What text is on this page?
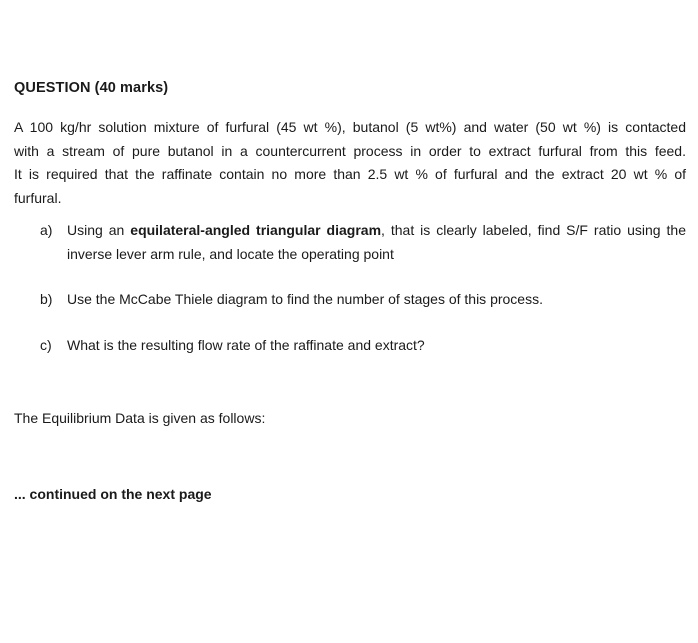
QUESTION (40 marks)
A 100 kg/hr solution mixture of furfural (45 wt %), butanol (5 wt%) and water (50 wt %) is contacted
with a stream of pure butanol in a countercurrent process in order to extract furfural from this feed.
It is required that the raffinate contain no more than 2.5 wt % of furfural and the extract 20 wt % of
furfural.
a)	Using an equilateral-angled triangular diagram, that is clearly labeled, find S/F ratio using the
inverse lever arm rule, and locate the operating point
b)	Use the McCabe Thiele diagram to find the number of stages of this process.
c)	What is the resulting flow rate of the raffinate and extract?
The Equilibrium Data is given as follows:
... continued on the next page
